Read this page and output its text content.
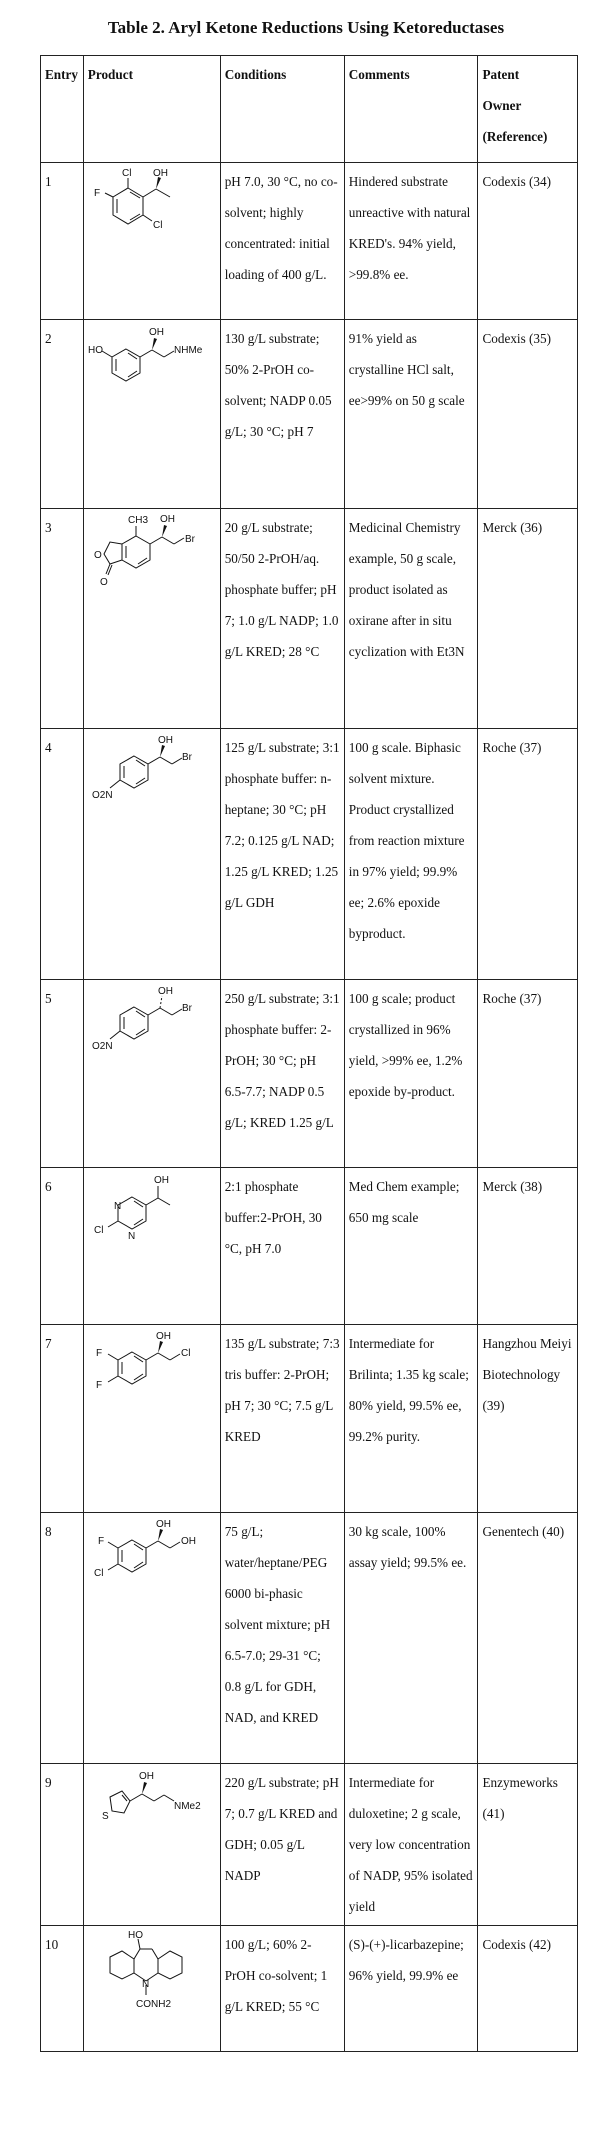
Table 2. Aryl Ketone Reductions Using Ketoreductases
Entry	Product	Conditions	Comments	Patent
Owner
(Reference)
1	Cl OH
F
Cl	pH 7.0, 30 °C, no co-solvent; highly concentrated: initial loading of 400 g/L.	Hindered substrate unreactive with natural KRED's. 94% yield, >99.8% ee.	Codexis (34)
2	OH
HO NHMe	130 g/L substrate; 50% 2-PrOH co-solvent; NADP 0.05 g/L; 30 °C; pH 7	91% yield as crystalline HCl salt, ee>99% on 50 g scale	Codexis (35)
3	CH3 OH
Br
O
O	20 g/L substrate; 50/50 2-PrOH/aq. phosphate buffer; pH 7; 1.0 g/L NADP; 1.0 g/L KRED; 28 °C	Medicinal Chemistry example, 50 g scale, product isolated as oxirane after in situ cyclization with Et3N	Merck (36)
4	OH
Br
O2N	125 g/L substrate; 3:1 phosphate buffer: n-heptane; 30 °C; pH 7.2; 0.125 g/L NAD; 1.25 g/L KRED; 1.25 g/L GDH	100 g scale. Biphasic solvent mixture. Product crystallized from reaction mixture in 97% yield; 99.9% ee; 2.6% epoxide byproduct.	Roche (37)
5	OH
Br
O2N	250 g/L substrate; 3:1 phosphate buffer: 2-PrOH; 30 °C; pH 6.5-7.7; NADP 0.5 g/L; KRED 1.25 g/L	100 g scale; product crystallized in 96% yield, >99% ee, 1.2% epoxide by-product.	Roche (37)
6	OH
N
N
Cl	2:1 phosphate buffer:2-PrOH, 30 °C, pH 7.0	Med Chem example; 650 mg scale	Merck (38)
7	OH
Cl
F
F	135 g/L substrate; 7:3 tris buffer: 2-PrOH; pH 7; 30 °C; 7.5 g/L KRED	Intermediate for Brilinta; 1.35 kg scale; 80% yield, 99.5% ee, 99.2% purity.	Hangzhou Meiyi Biotechnology (39)
8	OH
OH
F
Cl	75 g/L; water/heptane/PEG 6000 bi-phasic solvent mixture; pH 6.5-7.0; 29-31 °C; 0.8 g/L for GDH, NAD, and KRED	30 kg scale, 100% assay yield; 99.5% ee.	Genentech (40)
9	OH
S
NMe2	220 g/L substrate; pH 7; 0.7 g/L KRED and GDH; 0.05 g/L NADP	Intermediate for duloxetine; 2 g scale, very low concentration of NADP, 95% isolated yield	Enzymeworks (41)
10	HO
N
CONH2	100 g/L; 60% 2-PrOH co-solvent; 1 g/L KRED; 55 °C	(S)-(+)-licarbazepine; 96% yield, 99.9% ee	Codexis (42)
